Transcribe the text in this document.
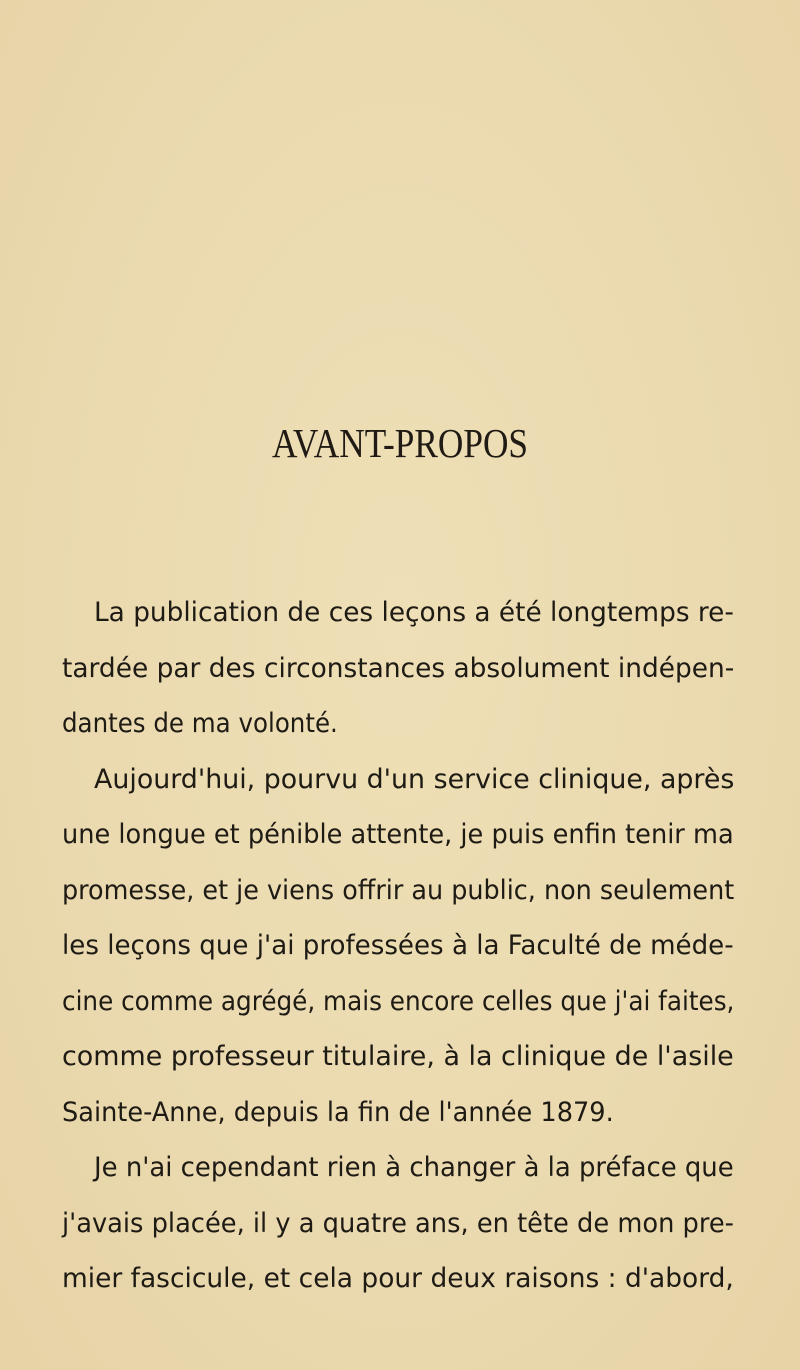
AVANT-PROPOS
La publication de ces leçons a été longtemps re-
tardée par des circonstances absolument indépen-
dantes de ma volonté.
Aujourd'hui, pourvu d'un service clinique, après
une longue et pénible attente, je puis enfin tenir ma
promesse, et je viens offrir au public, non seulement
les leçons que j'ai professées à la Faculté de méde-
cine comme agrégé, mais encore celles que j'ai faites,
comme professeur titulaire, à la clinique de l'asile
Sainte-Anne, depuis la fin de l'année 1879.
Je n'ai cependant rien à changer à la préface que
j'avais placée, il y a quatre ans, en tête de mon pre-
mier fascicule, et cela pour deux raisons : d'abord,
